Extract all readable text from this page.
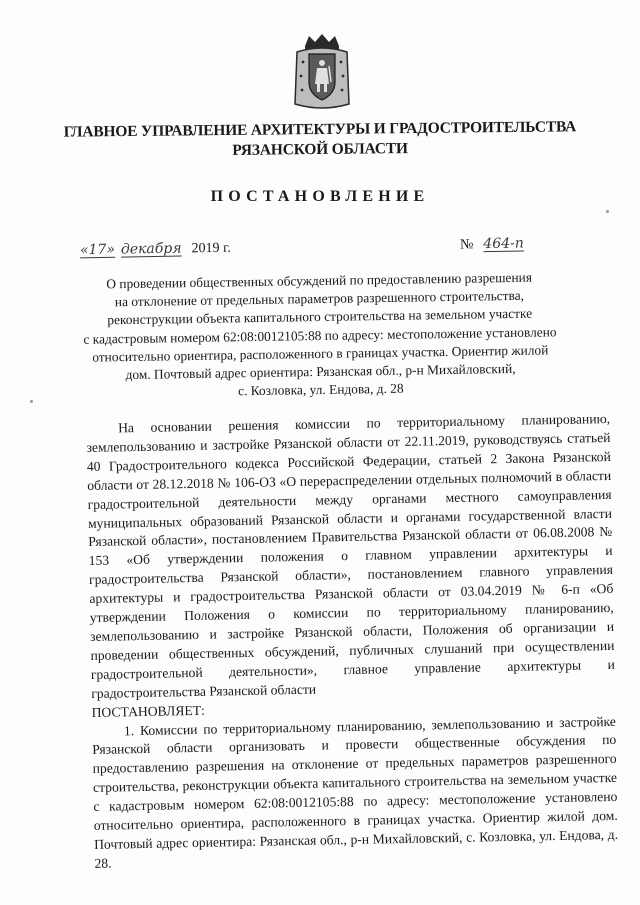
ГЛАВНОЕ УПРАВЛЕНИЕ АРХИТЕКТУРЫ И ГРАДОСТРОИТЕЛЬСТВА
РЯЗАНСКОЙ ОБЛАСТИ
ПОСТАНОВЛЕНИЕ
«17» декабря 2019 г.	№ 464-п
О проведении общественных обсуждений по предоставлению разрешения
на отклонение от предельных параметров разрешенного строительства,
реконструкции объекта капитального строительства на земельном участке
с кадастровым номером 62:08:0012105:88 по адресу: местоположение установлено
относительно ориентира, расположенного в границах участка. Ориентир жилой
дом. Почтовый адрес ориентира: Рязанская обл., р-н Михайловский,
с. Козловка, ул. Ендова, д. 28

На основании решения комиссии по территориальному планированию, землепользованию и застройке Рязанской области от 22.11.2019, руководствуясь статьей 40 Градостроительного кодекса Российской Федерации, статьей 2 Закона Рязанской области от 28.12.2018 № 106-ОЗ «О перераспределении отдельных полномочий в области градостроительной деятельности между органами местного самоуправления муниципальных образований Рязанской области и органами государственной власти Рязанской области», постановлением Правительства Рязанской области от 06.08.2008 № 153 «Об утверждении положения о главном управлении архитектуры и градостроительства Рязанской области», постановлением главного управления архитектуры и градостроительства Рязанской области от 03.04.2019 № 6-п «Об утверждении Положения о комиссии по территориальному планированию, землепользованию и застройке Рязанской области, Положения об организации и проведении общественных обсуждений, публичных слушаний при осуществлении градостроительной деятельности», главное управление архитектуры и градостроительства Рязанской области
ПОСТАНОВЛЯЕТ:

1. Комиссии по территориальному планированию, землепользованию и застройке Рязанской области организовать и провести общественные обсуждения по предоставлению разрешения на отклонение от предельных параметров разрешенного строительства, реконструкции объекта капитального строительства на земельном участке с кадастровым номером 62:08:0012105:88 по адресу: местоположение установлено относительно ориентира, расположенного в границах участка. Ориентир жилой дом. Почтовый адрес ориентира: Рязанская обл., р-н Михайловский, с. Козловка, ул. Ендова, д. 28.
